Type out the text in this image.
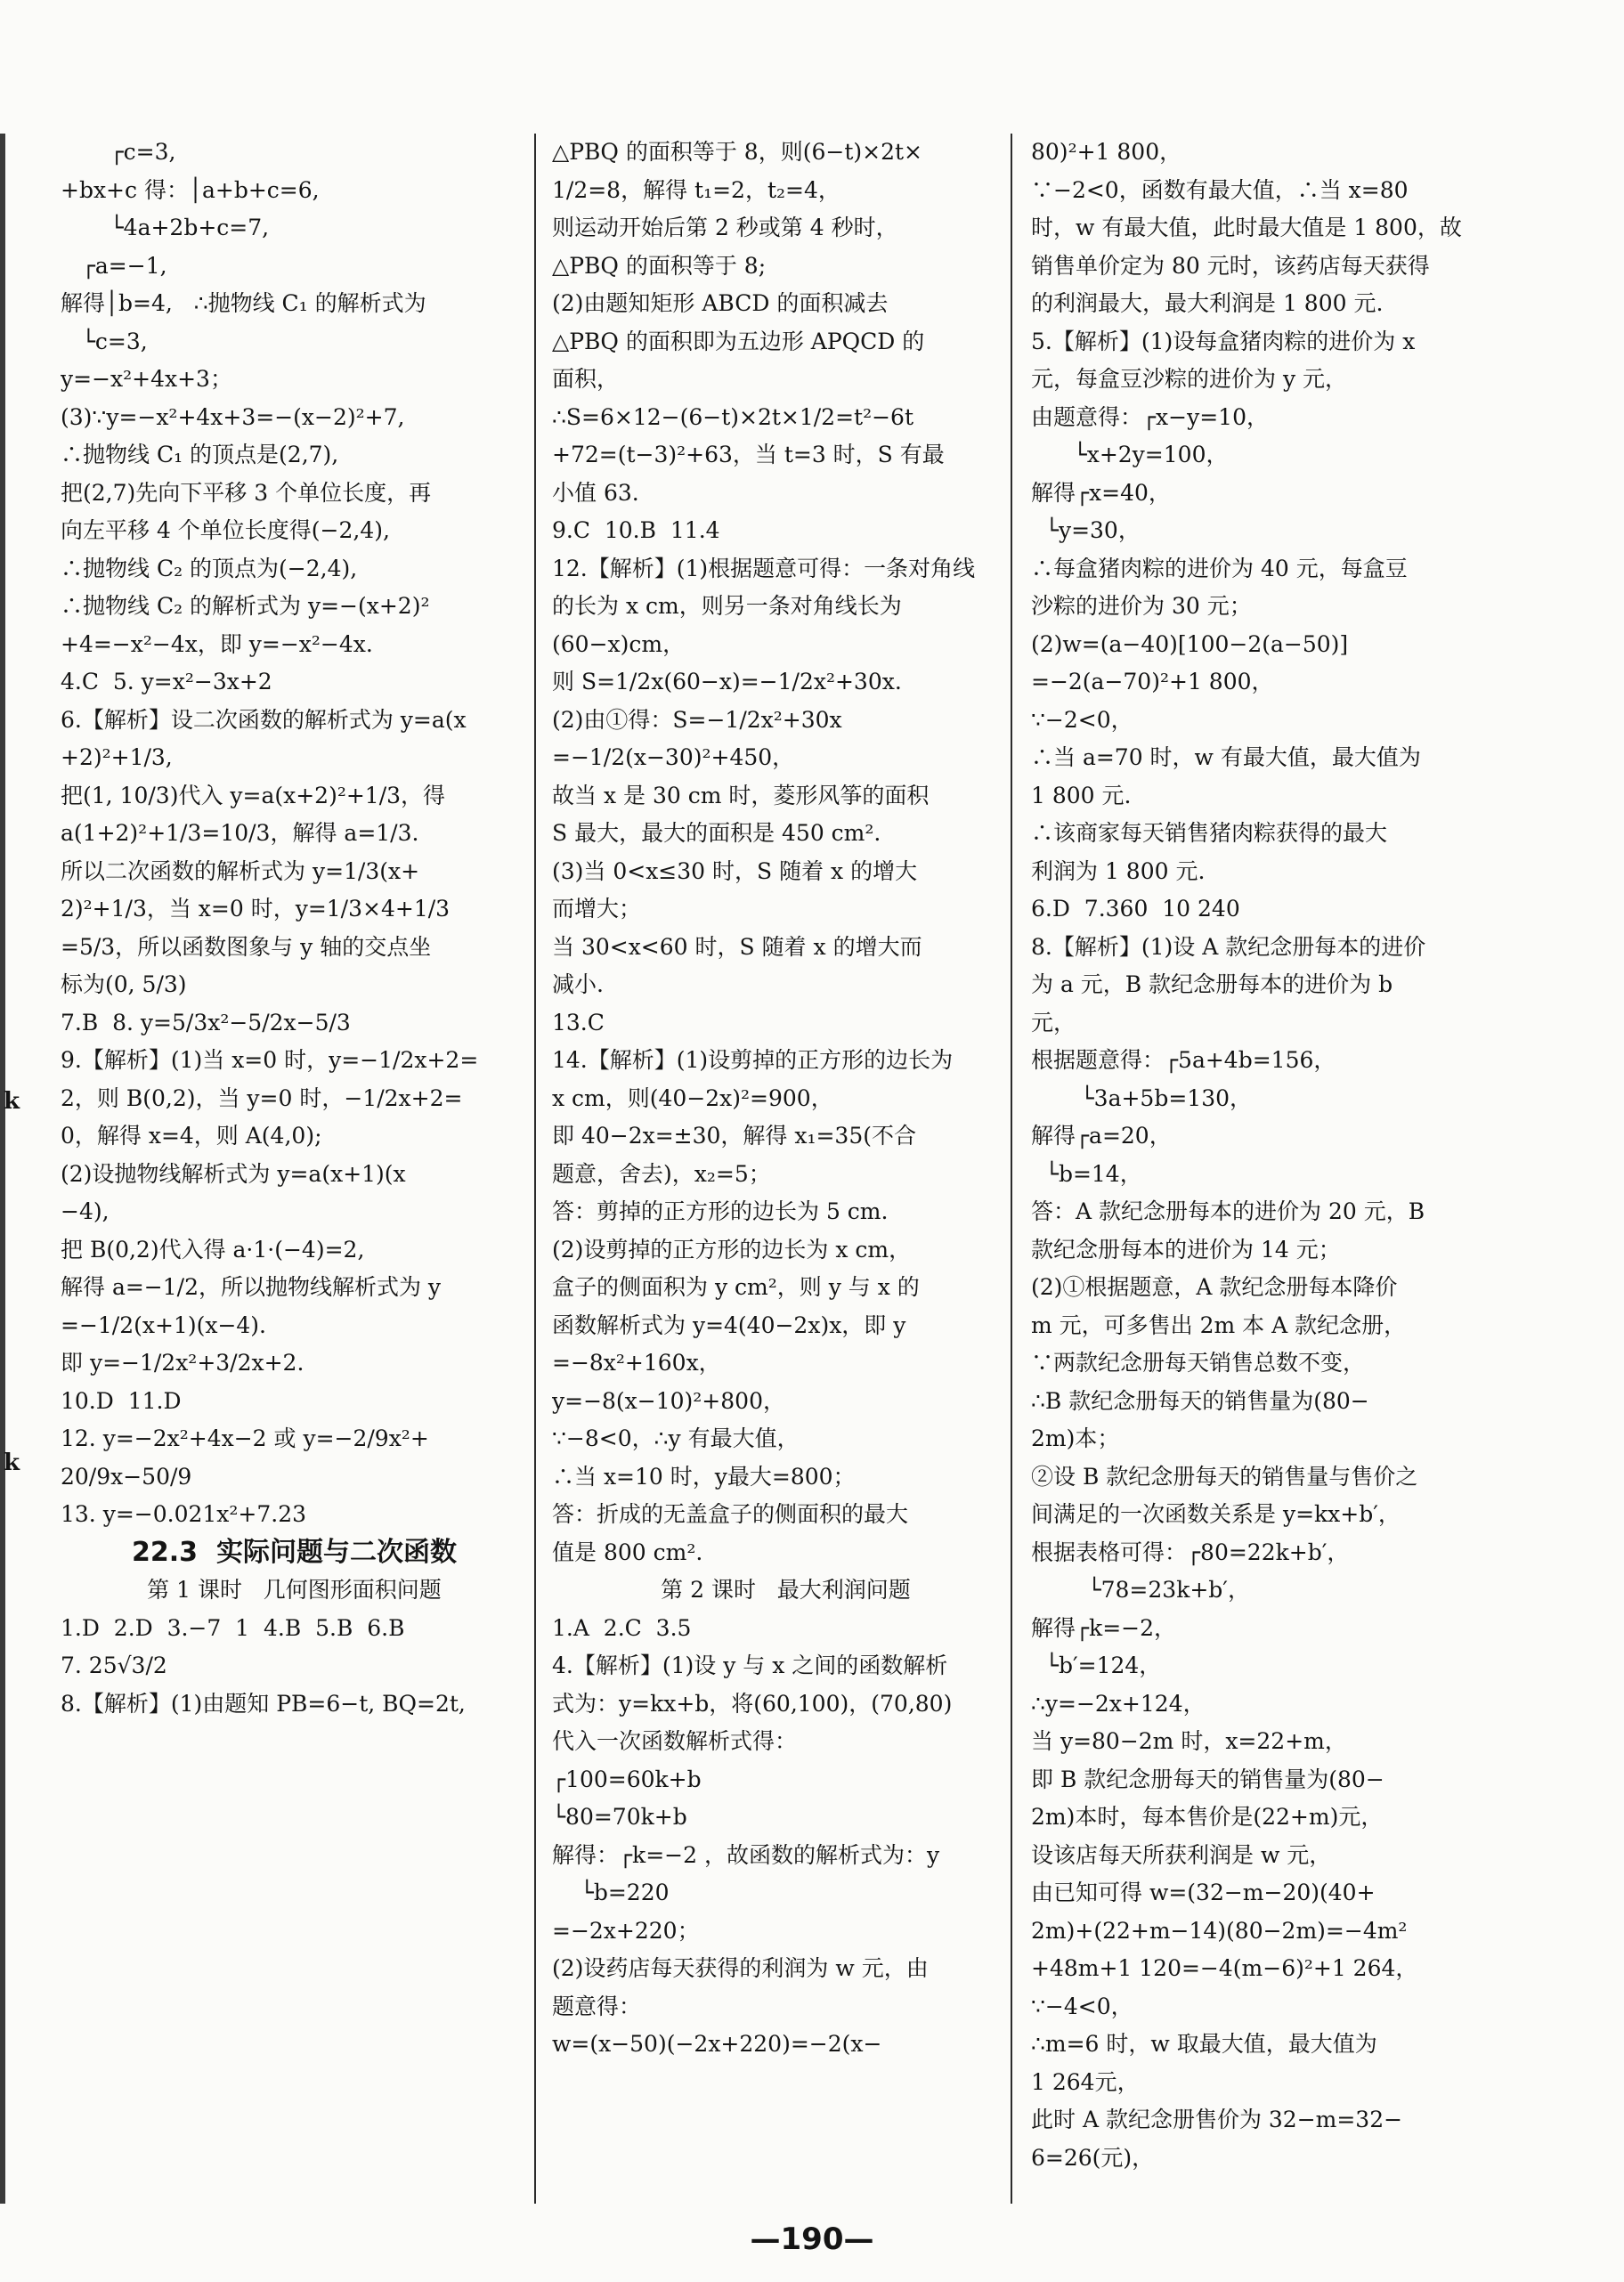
k
k
┌c=3,
+bx+c 得：│a+b+c=6,
└4a+2b+c=7,
┌a=−1,
解得│b=4,   ∴抛物线 C₁ 的解析式为
└c=3,
y=−x²+4x+3；
(3)∵y=−x²+4x+3=−(x−2)²+7,
∴抛物线 C₁ 的顶点是(2,7),
把(2,7)先向下平移 3 个单位长度，再
向左平移 4 个单位长度得(−2,4),
∴抛物线 C₂ 的顶点为(−2,4),
∴抛物线 C₂ 的解析式为 y=−(x+2)²
+4=−x²−4x，即 y=−x²−4x.
4.C  5. y=x²−3x+2
6.【解析】设二次函数的解析式为 y=a(x
+2)²+1/3,
把(1, 10/3)代入 y=a(x+2)²+1/3，得
a(1+2)²+1/3=10/3，解得 a=1/3.
所以二次函数的解析式为 y=1/3(x+
2)²+1/3，当 x=0 时，y=1/3×4+1/3
=5/3，所以函数图象与 y 轴的交点坐
标为(0, 5/3)
7.B  8. y=5/3x²−5/2x−5/3
9.【解析】(1)当 x=0 时，y=−1/2x+2=
2，则 B(0,2)，当 y=0 时，−1/2x+2=
0，解得 x=4，则 A(4,0);
(2)设抛物线解析式为 y=a(x+1)(x
−4),
把 B(0,2)代入得 a·1·(−4)=2,
解得 a=−1/2，所以抛物线解析式为 y
=−1/2(x+1)(x−4).
即 y=−1/2x²+3/2x+2.
10.D  11.D
12. y=−2x²+4x−2 或 y=−2/9x²+
20/9x−50/9
13. y=−0.021x²+7.23
22.3  实际问题与二次函数
第 1 课时   几何图形面积问题
1.D  2.D  3.−7  1  4.B  5.B  6.B
7. 25√3/2
8.【解析】(1)由题知 PB=6−t, BQ=2t,
△PBQ 的面积等于 8，则(6−t)×2t×
1/2=8，解得 t₁=2，t₂=4，
则运动开始后第 2 秒或第 4 秒时，
△PBQ 的面积等于 8;
(2)由题知矩形 ABCD 的面积减去
△PBQ 的面积即为五边形 APQCD 的
面积，
∴S=6×12−(6−t)×2t×1/2=t²−6t
+72=(t−3)²+63，当 t=3 时，S 有最
小值 63.
9.C  10.B  11.4
12.【解析】(1)根据题意可得：一条对角线
的长为 x cm，则另一条对角线长为
(60−x)cm，
则 S=1/2x(60−x)=−1/2x²+30x.
(2)由①得：S=−1/2x²+30x
=−1/2(x−30)²+450，
故当 x 是 30 cm 时，菱形风筝的面积
S 最大，最大的面积是 450 cm².
(3)当 0<x≤30 时，S 随着 x 的增大
而增大；
当 30<x<60 时，S 随着 x 的增大而
减小.
13.C
14.【解析】(1)设剪掉的正方形的边长为
x cm，则(40−2x)²=900，
即 40−2x=±30，解得 x₁=35(不合
题意，舍去)，x₂=5；
答：剪掉的正方形的边长为 5 cm.
(2)设剪掉的正方形的边长为 x cm，
盒子的侧面积为 y cm²，则 y 与 x 的
函数解析式为 y=4(40−2x)x，即 y
=−8x²+160x，
y=−8(x−10)²+800，
∵−8<0，∴y 有最大值，
∴当 x=10 时，y最大=800；
答：折成的无盖盒子的侧面积的最大
值是 800 cm².
第 2 课时   最大利润问题
1.A  2.C  3.5
4.【解析】(1)设 y 与 x 之间的函数解析
式为：y=kx+b，将(60,100)，(70,80)
代入一次函数解析式得：
┌100=60k+b
└80=70k+b
解得：┌k=−2 ，故函数的解析式为：y
└b=220
=−2x+220；
(2)设药店每天获得的利润为 w 元，由
题意得：
w=(x−50)(−2x+220)=−2(x−
80)²+1 800，
∵−2<0，函数有最大值，∴当 x=80
时，w 有最大值，此时最大值是 1 800，故
销售单价定为 80 元时，该药店每天获得
的利润最大，最大利润是 1 800 元.
5.【解析】(1)设每盒猪肉粽的进价为 x
元，每盒豆沙粽的进价为 y 元，
由题意得：┌x−y=10，
└x+2y=100，
解得┌x=40，
└y=30，
∴每盒猪肉粽的进价为 40 元，每盒豆
沙粽的进价为 30 元；
(2)w=(a−40)[100−2(a−50)]
=−2(a−70)²+1 800，
∵−2<0，
∴当 a=70 时，w 有最大值，最大值为
1 800 元.
∴该商家每天销售猪肉粽获得的最大
利润为 1 800 元.
6.D  7.360  10 240
8.【解析】(1)设 A 款纪念册每本的进价
为 a 元，B 款纪念册每本的进价为 b
元，
根据题意得：┌5a+4b=156，
└3a+5b=130，
解得┌a=20，
└b=14，
答：A 款纪念册每本的进价为 20 元，B
款纪念册每本的进价为 14 元；
(2)①根据题意，A 款纪念册每本降价
m 元，可多售出 2m 本 A 款纪念册，
∵两款纪念册每天销售总数不变，
∴B 款纪念册每天的销售量为(80−
2m)本；
②设 B 款纪念册每天的销售量与售价之
间满足的一次函数关系是 y=kx+b′，
根据表格可得：┌80=22k+b′，
└78=23k+b′，
解得┌k=−2，
└b′=124，
∴y=−2x+124，
当 y=80−2m 时，x=22+m，
即 B 款纪念册每天的销售量为(80−
2m)本时，每本售价是(22+m)元，
设该店每天所获利润是 w 元，
由已知可得 w=(32−m−20)(40+
2m)+(22+m−14)(80−2m)=−4m²
+48m+1 120=−4(m−6)²+1 264，
∵−4<0，
∴m=6 时，w 取最大值，最大值为
1 264元，
此时 A 款纪念册售价为 32−m=32−
6=26(元)，
—190—
